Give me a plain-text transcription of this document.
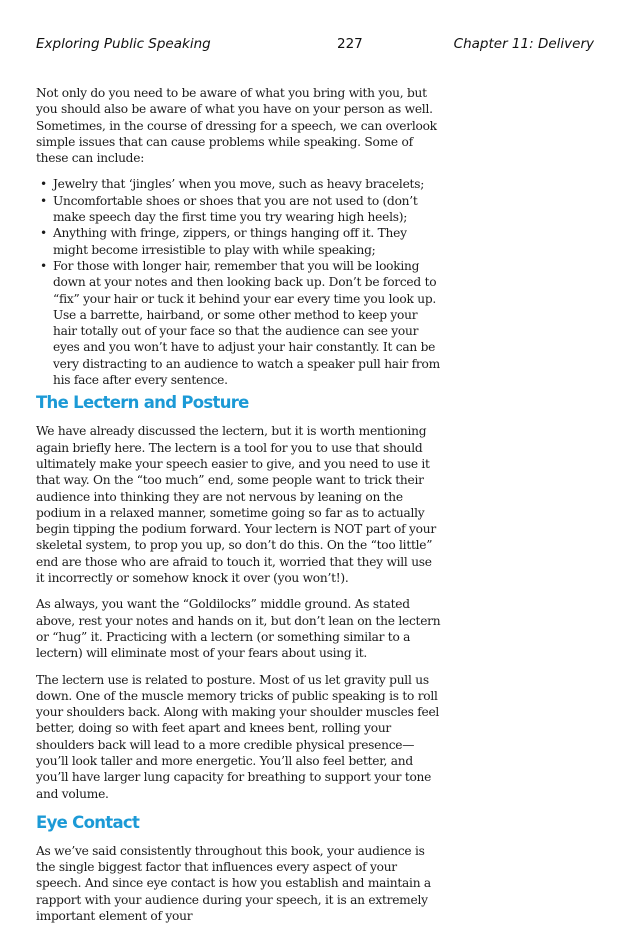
Exploring Public Speaking	227	Chapter 11: Delivery

Not only do you need to be aware of what you bring with you, but you should also be aware of what you have on your person as well. Sometimes, in the course of dressing for a speech, we can overlook simple issues that can cause problems while speaking. Some of these can include:

• Jewelry that ‘jingles’ when you move, such as heavy bracelets;
• Uncomfortable shoes or shoes that you are not used to (don’t make speech day the first time you try wearing high heels);
• Anything with fringe, zippers, or things hanging off it. They might become irresistible to play with while speaking;
• For those with longer hair, remember that you will be looking down at your notes and then looking back up. Don’t be forced to “fix” your hair or tuck it behind your ear every time you look up. Use a barrette, hairband, or some other method to keep your hair totally out of your face so that the audience can see your eyes and you won’t have to adjust your hair constantly. It can be very distracting to an audience to watch a speaker pull hair from his face after every sentence.
The Lectern and Posture

We have already discussed the lectern, but it is worth mentioning again briefly here. The lectern is a tool for you to use that should ultimately make your speech easier to give, and you need to use it that way. On the “too much” end, some people want to trick their audience into thinking they are not nervous by leaning on the podium in a relaxed manner, sometime going so far as to actually begin tipping the podium forward. Your lectern is NOT part of your skeletal system, to prop you up, so don’t do this. On the “too little” end are those who are afraid to touch it, worried that they will use it incorrectly or somehow knock it over (you won’t!).

As always, you want the “Goldilocks” middle ground. As stated above, rest your notes and hands on it, but don’t lean on the lectern or “hug” it. Practicing with a lectern (or something similar to a lectern) will eliminate most of your fears about using it.

The lectern use is related to posture. Most of us let gravity pull us down. One of the muscle memory tricks of public speaking is to roll your shoulders back. Along with making your shoulder muscles feel better, doing so with feet apart and knees bent, rolling your shoulders back will lead to a more credible physical presence—you’ll look taller and more energetic. You’ll also feel better, and you’ll have larger lung capacity for breathing to support your tone and volume.

Eye Contact

As we’ve said consistently throughout this book, your audience is the single biggest factor that influences every aspect of your speech. And since eye contact is how you establish and maintain a rapport with your audience during your speech, it is an extremely important element of your
